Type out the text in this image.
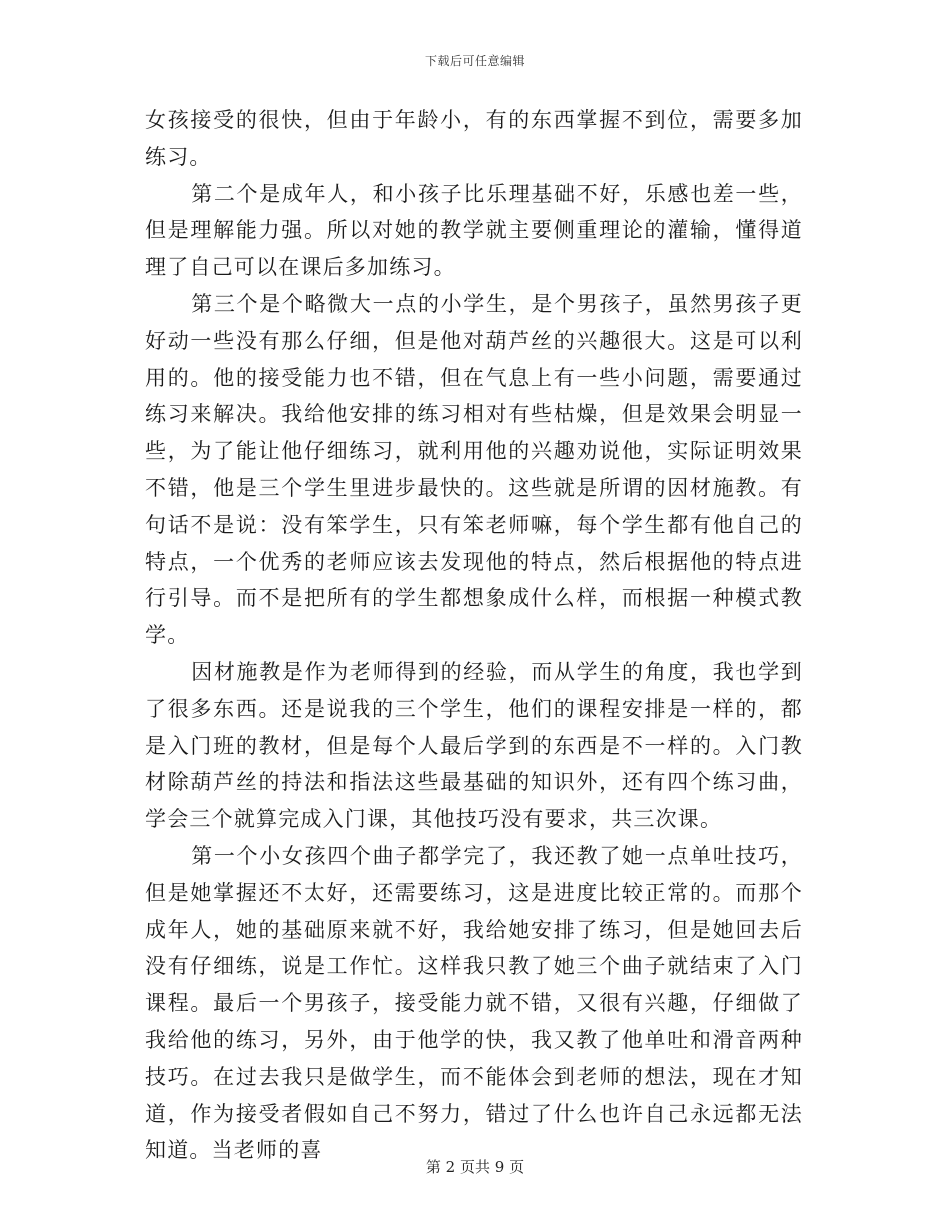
下载后可任意编辑

女孩接受的很快，但由于年龄小，有的东西掌握不到位，需要多加练习。

第二个是成年人，和小孩子比乐理基础不好，乐感也差一些，但是理解能力强。所以对她的教学就主要侧重理论的灌输，懂得道理了自己可以在课后多加练习。

第三个是个略微大一点的小学生，是个男孩子，虽然男孩子更好动一些没有那么仔细，但是他对葫芦丝的兴趣很大。这是可以利用的。他的接受能力也不错，但在气息上有一些小问题，需要通过练习来解决。我给他安排的练习相对有些枯燥，但是效果会明显一些，为了能让他仔细练习，就利用他的兴趣劝说他，实际证明效果不错，他是三个学生里进步最快的。这些就是所谓的因材施教。有句话不是说：没有笨学生，只有笨老师嘛，每个学生都有他自己的特点，一个优秀的老师应该去发现他的特点，然后根据他的特点进行引导。而不是把所有的学生都想象成什么样，而根据一种模式教学。

因材施教是作为老师得到的经验，而从学生的角度，我也学到了很多东西。还是说我的三个学生，他们的课程安排是一样的，都是入门班的教材，但是每个人最后学到的东西是不一样的。入门教材除葫芦丝的持法和指法这些最基础的知识外，还有四个练习曲，学会三个就算完成入门课，其他技巧没有要求，共三次课。

第一个小女孩四个曲子都学完了，我还教了她一点单吐技巧，但是她掌握还不太好，还需要练习，这是进度比较正常的。而那个成年人，她的基础原来就不好，我给她安排了练习，但是她回去后没有仔细练，说是工作忙。这样我只教了她三个曲子就结束了入门课程。最后一个男孩子，接受能力就不错，又很有兴趣，仔细做了我给他的练习，另外，由于他学的快，我又教了他单吐和滑音两种技巧。在过去我只是做学生，而不能体会到老师的想法，现在才知道，作为接受者假如自己不努力，错过了什么也许自己永远都无法知道。当老师的喜

第 2 页共 9 页
